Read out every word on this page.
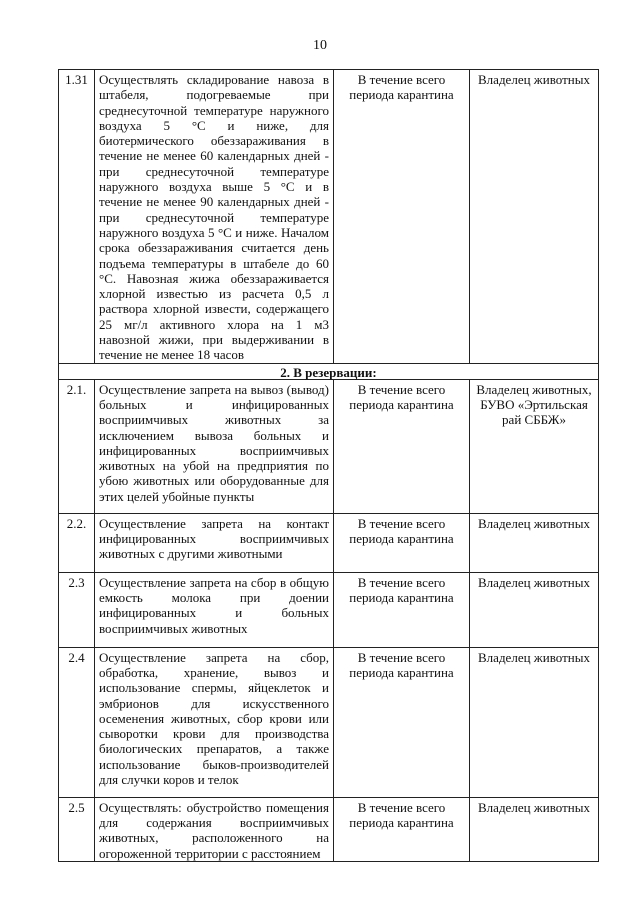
10
1.31	Осуществлять складирование навоза в штабеля, подогреваемые при среднесуточной температуре наружного воздуха 5 °С и ниже, для биотермического обеззараживания в течение не менее 60 календарных дней - при среднесуточной температуре наружного воздуха выше 5 °С и в течение не менее 90 календарных дней - при среднесуточной температуре наружного воздуха 5 °С и ниже. Началом срока обеззараживания считается день подъема температуры в штабеле до 60 °С. Навозная жижа обеззараживается хлорной известью из расчета 0,5 л раствора хлорной извести, содержащего 25 мг/л активного хлора на 1 м3 навозной жижи, при выдерживании в течение не менее 18 часов	В течение всего периода карантина	Владелец животных
2. В резервации:			
2.1.	Осуществление запрета на вывоз (вывод) больных и инфицированных восприимчивых животных за исключением вывоза больных и инфицированных восприимчивых животных на убой на предприятия по убою животных или оборудованные для этих целей убойные пункты	В течение всего периода карантина	Владелец животных, БУВО «Эртильская рай СББЖ»
2.2.	Осуществление запрета на контакт инфицированных восприимчивых животных с другими животными	В течение всего периода карантина	Владелец животных
2.3	Осуществление запрета на сбор в общую емкость молока при доении инфицированных и больных восприимчивых животных	В течение всего периода карантина	Владелец животных
2.4	Осуществление запрета на сбор, обработка, хранение, вывоз и использование спермы, яйцеклеток и эмбрионов для искусственного осеменения животных, сбор крови или сыворотки крови для производства биологических препаратов, а также использование быков-производителей для случки коров и телок	В течение всего периода карантина	Владелец животных
2.5	Осуществлять: обустройство помещения для содержания восприимчивых животных, расположенного на огороженной территории с расстоянием	В течение всего периода карантина	Владелец животных
